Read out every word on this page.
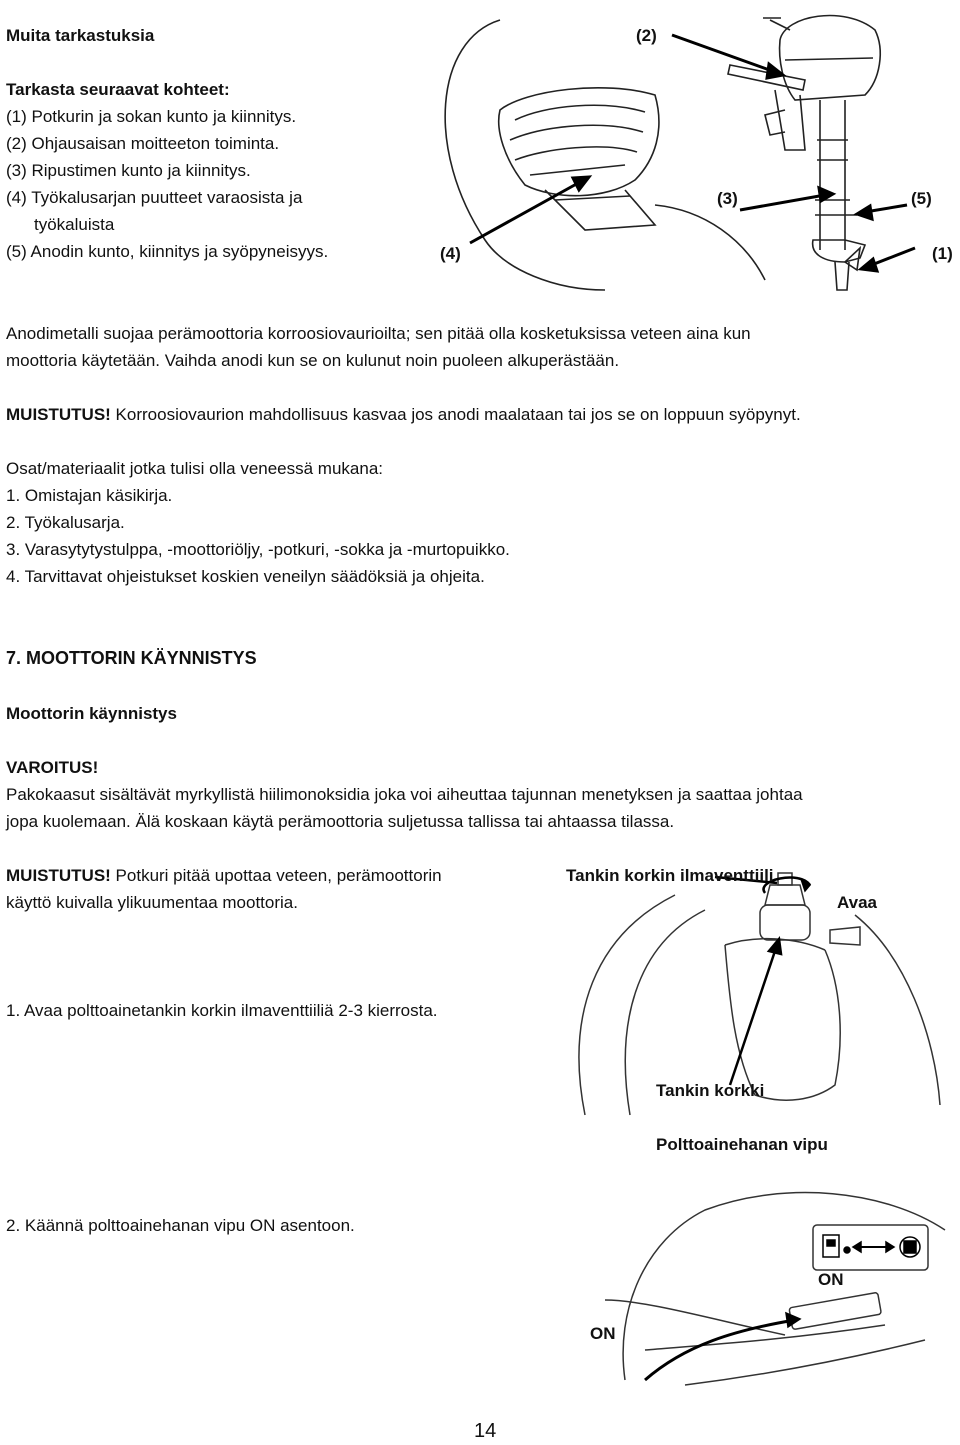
Muita tarkastuksia
Tarkasta seuraavat kohteet:
(1) Potkurin ja sokan kunto ja kiinnitys.
(2) Ohjausaisan moitteeton toiminta.
(3) Ripustimen kunto ja kiinnitys.
(4) Työkalusarjan puutteet varaosista ja
työkaluista
(5) Anodin kunto, kiinnitys ja syöpyneisyys.
(2)
(4)
(3)	(5)
(1)
Anodimetalli suojaa perämoottoria korroosiovaurioilta; sen pitää olla kosketuksissa veteen aina kun
moottoria käytetään. Vaihda anodi kun se on kulunut noin puoleen alkuperästään.
MUISTUTUS! Korroosiovaurion mahdollisuus kasvaa jos anodi maalataan tai jos se on loppuun syöpynyt.
Osat/materiaalit jotka tulisi olla veneessä mukana:
1. Omistajan käsikirja.
2. Työkalusarja.
3. Varasytytystulppa, -moottoriöljy, -potkuri, -sokka ja -murtopuikko.
4. Tarvittavat ohjeistukset koskien veneilyn säädöksiä ja ohjeita.
7. MOOTTORIN KÄYNNISTYS
Moottorin käynnistys
VAROITUS!
Pakokaasut sisältävät myrkyllistä hiilimonoksidia joka voi aiheuttaa tajunnan menetyksen ja saattaa johtaa
jopa kuolemaan. Älä koskaan käytä perämoottoria suljetussa tallissa tai ahtaassa tilassa.
MUISTUTUS! Potkuri pitää upottaa veteen, perämoottorin
käyttö kuivalla ylikuumentaa moottoria.
1. Avaa polttoainetankin korkin ilmaventtiiliä 2-3 kierrosta.
2. Käännä polttoainehanan vipu ON asentoon.
Tankin korkin ilmaventtiili
Avaa
Tankin korkki
Polttoainehanan vipu
ON
ON
14
